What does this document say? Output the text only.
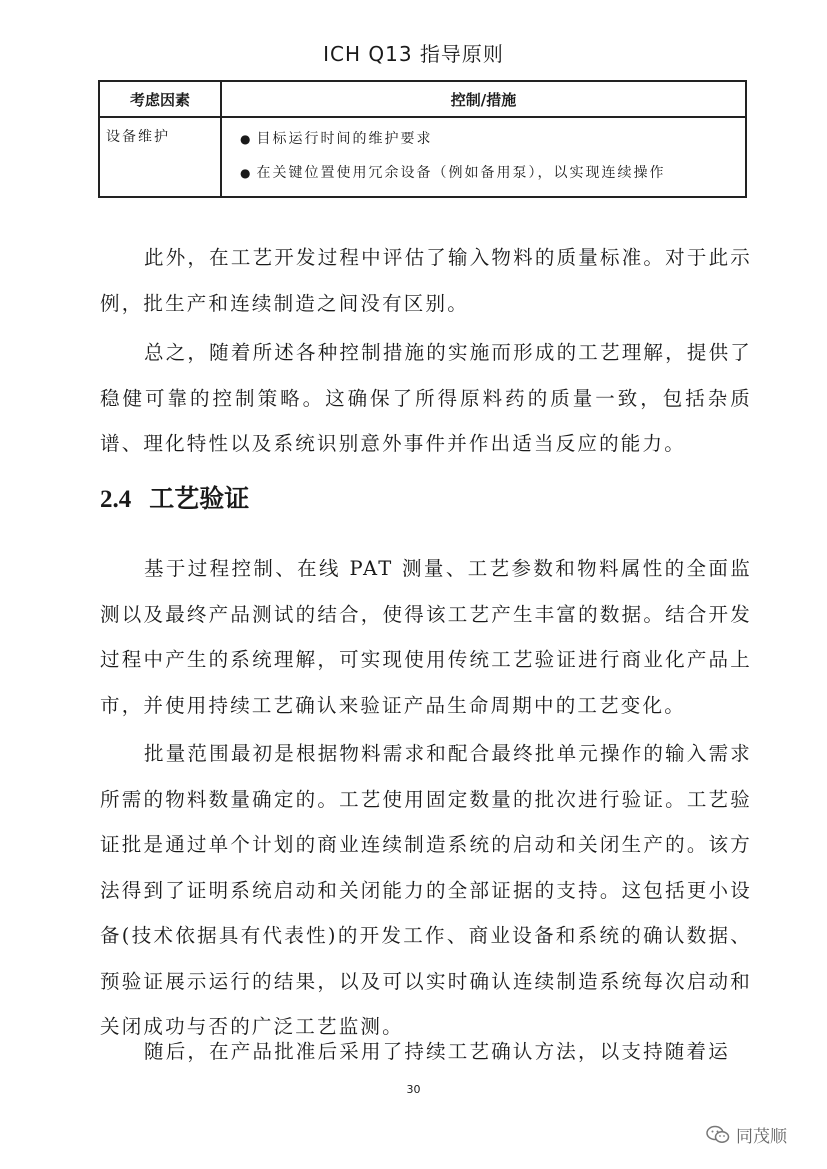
ICH Q13 指导原则
考虑因素	控制/措施
设备维护	● 目标运行时间的维护要求
● 在关键位置使用冗余设备（例如备用泵），以实现连续操作

此外，在工艺开发过程中评估了输入物料的质量标准。对于此示例，批生产和连续制造之间没有区别。

总之，随着所述各种控制措施的实施而形成的工艺理解，提供了稳健可靠的控制策略。这确保了所得原料药的质量一致，包括杂质谱、理化特性以及系统识别意外事件并作出适当反应的能力。

2.4 工艺验证

基于过程控制、在线 PAT 测量、工艺参数和物料属性的全面监测以及最终产品测试的结合，使得该工艺产生丰富的数据。结合开发过程中产生的系统理解，可实现使用传统工艺验证进行商业化产品上市，并使用持续工艺确认来验证产品生命周期中的工艺变化。

批量范围最初是根据物料需求和配合最终批单元操作的输入需求所需的物料数量确定的。工艺使用固定数量的批次进行验证。工艺验证批是通过单个计划的商业连续制造系统的启动和关闭生产的。该方法得到了证明系统启动和关闭能力的全部证据的支持。这包括更小设备(技术依据具有代表性)的开发工作、商业设备和系统的确认数据、预验证展示运行的结果，以及可以实时确认连续制造系统每次启动和关闭成功与否的广泛工艺监测。

随后，在产品批准后采用了持续工艺确认方法，以支持随着运

30
同茂顺
